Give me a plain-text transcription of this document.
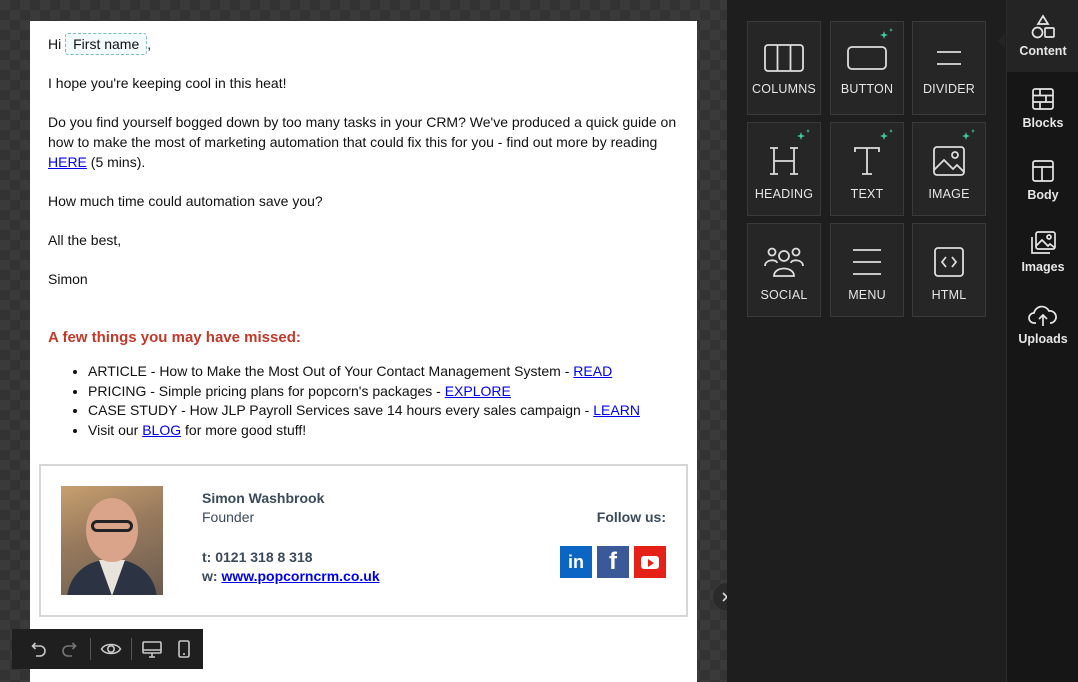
Hi First name ,

I hope you're keeping cool in this heat!

Do you find yourself bogged down by too many tasks in your CRM? We've produced a quick guide on how to make the most of marketing automation that could fix this for you - find out more by reading HERE (5 mins).

How much time could automation save you?

All the best,

Simon

A few things you may have missed:

• ARTICLE - How to Make the Most Out of Your Contact Management System - READ
• PRICING - Simple pricing plans for popcorn's packages - EXPLORE
• CASE STUDY - How JLP Payroll Services save 14 hours every sales campaign - LEARN
• Visit our BLOG for more good stuff!
Simon Washbrook
Founder
t: 0121 318 8 318
w: www.popcorncrm.co.uk
Follow us:
in	f
COLUMNS BUTTON DIVIDER
HEADING	TEXT	IMAGE
SOCIAL	MENU	HTML
Content
Blocks
Body
Images
Uploads
